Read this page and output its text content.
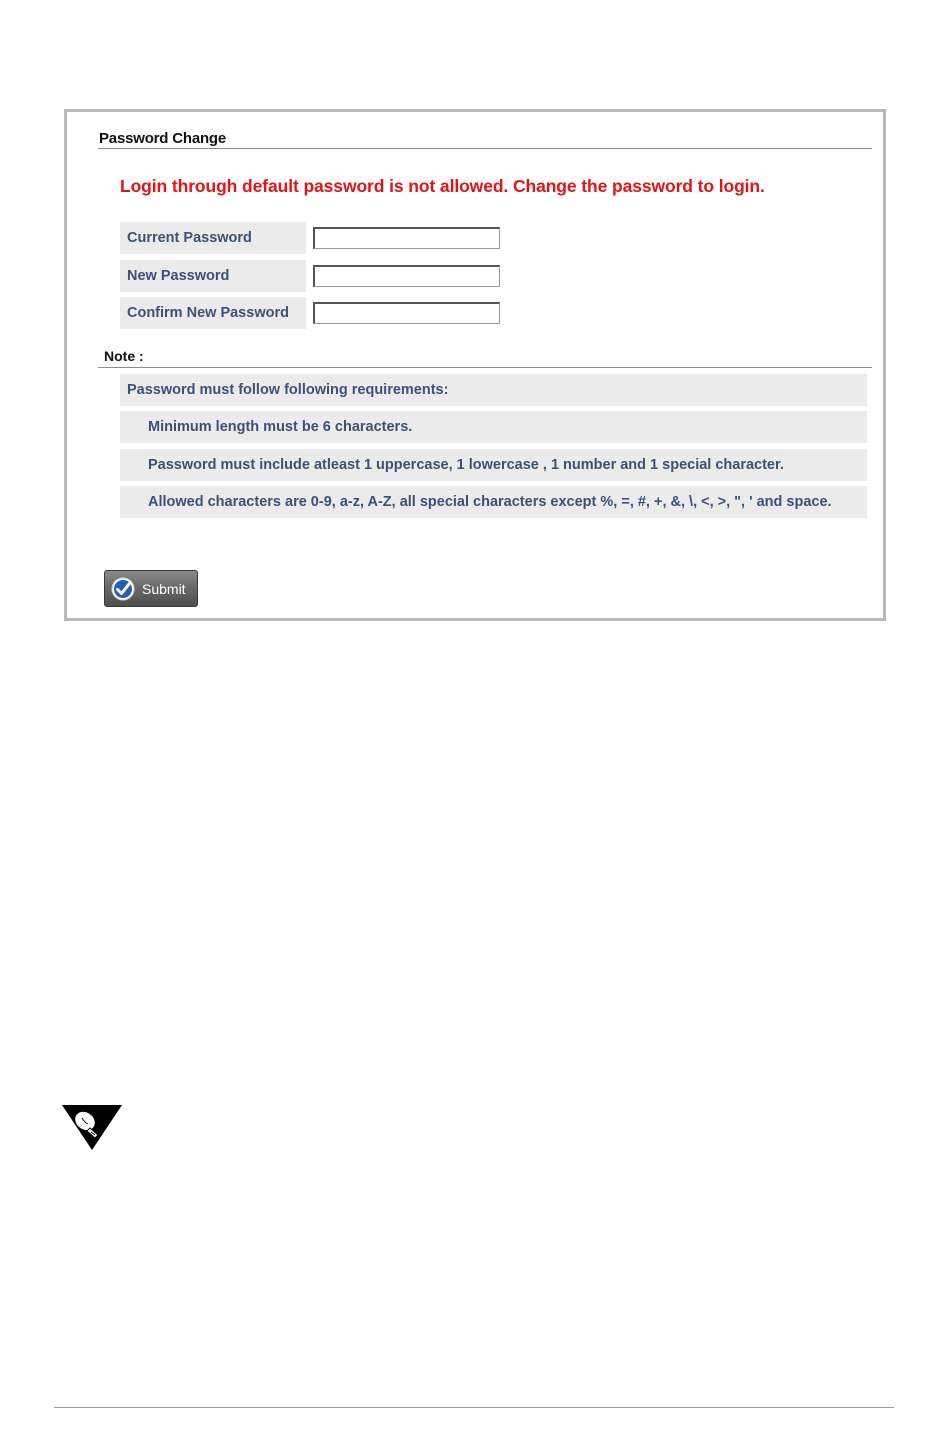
Password Change
Login through default password is not allowed. Change the password to login.
Current Password
New Password
Confirm New Password
Note :
Password must follow following requirements:
Minimum length must be 6 characters.
Password must include atleast 1 uppercase, 1 lowercase , 1 number and 1 special character.
Allowed characters are 0-9, a-z, A-Z, all special characters except %, =, #, +, &, \, <, >, ", ' and space.
Submit
